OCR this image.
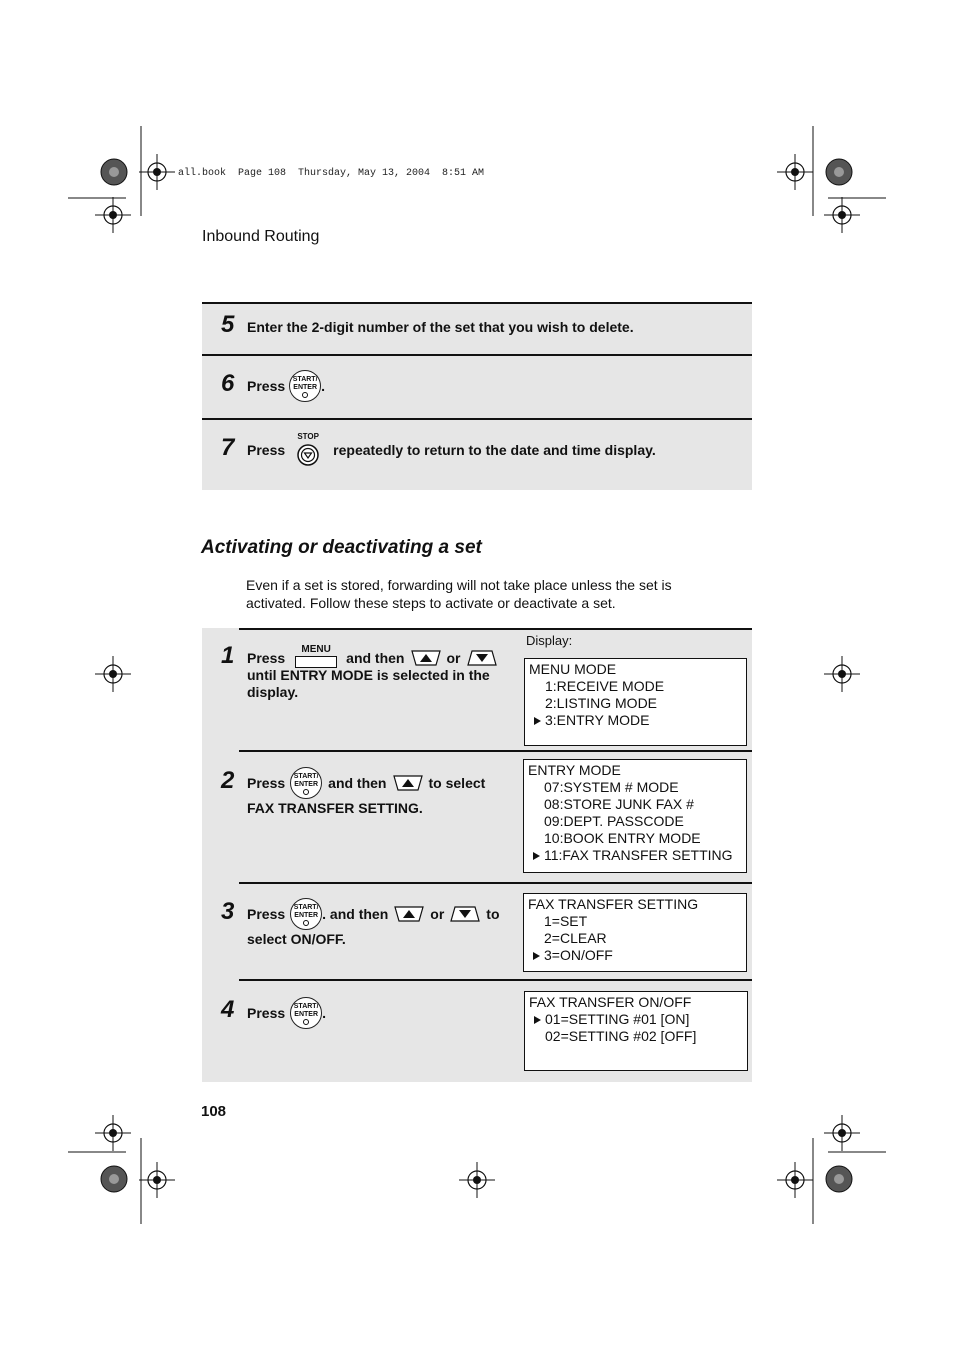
all.book  Page 108  Thursday, May 13, 2004  8:51 AM
Inbound Routing
5 Enter the 2-digit number of the set that you wish to delete.
6 Press	START/
ENTER .
7 Press
STOP
repeatedly to return to the date and time display.
Activating or deactivating a set
Even if a set is stored, forwarding will not take place unless the set is activated. Follow these steps to activate or deactivate a set.
Display:
1 Press
MENU
and then	or
until ENTRY MODE is selected in the display.
MENU MODE
1:RECEIVE MODE
2:LISTING MODE
3:ENTRY MODE
2 Press	START/
ENTER and then	to select
FAX TRANSFER SETTING.
ENTRY MODE
07:SYSTEM # MODE
08:STORE JUNK FAX #
09:DEPT. PASSCODE
10:BOOK ENTRY MODE
11:FAX TRANSFER SETTING
3 Press	START/
ENTER . and then	or	to
select ON/OFF.
FAX TRANSFER SETTING
1=SET
2=CLEAR
3=ON/OFF
4 Press	START/
ENTER .
FAX TRANSFER ON/OFF
01=SETTING #01 [ON]
02=SETTING #02 [OFF]
108
